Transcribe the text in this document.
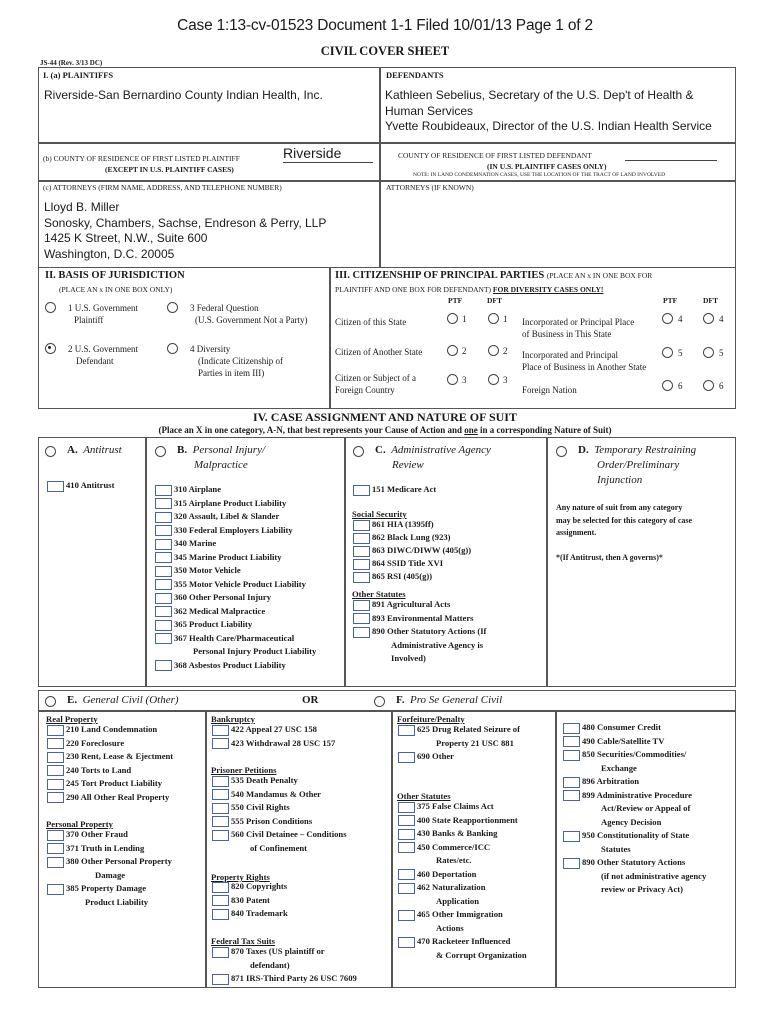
Case 1:13-cv-01523 Document 1-1 Filed 10/01/13 Page 1 of 2
CIVIL COVER SHEET
JS-44 (Rev. 3/13 DC)
I. (a) PLAINTIFFS
Riverside-San Bernardino County Indian Health, Inc.
DEFENDANTS
Kathleen Sebelius, Secretary of the U.S. Dep't of Health &
Human Services
Yvette Roubideaux, Director of the U.S. Indian Health Service
(b) COUNTY OF RESIDENCE OF FIRST LISTED PLAINTIFF	Riverside
(EXCEPT IN U.S. PLAINTIFF CASES)
COUNTY OF RESIDENCE OF FIRST LISTED DEFENDANT
(IN U.S. PLAINTIFF CASES ONLY)
NOTE: IN LAND CONDEMNATION CASES, USE THE LOCATION OF THE TRACT OF LAND INVOLVED
(c) ATTORNEYS (FIRM NAME, ADDRESS, AND TELEPHONE NUMBER)
Lloyd B. Miller
Sonosky, Chambers, Sachse, Endreson & Perry, LLP
1425 K Street, N.W., Suite 600
Washington, D.C. 20005
ATTORNEYS (IF KNOWN)
II. BASIS OF JURISDICTION
(PLACE AN x IN ONE BOX ONLY)
1 U.S. Government
Plaintiff
3 Federal Question
(U.S. Government Not a Party)
2 U.S. Government
Defendant
4 Diversity
(Indicate Citizenship of
Parties in item III)
III. CITIZENSHIP OF PRINCIPAL PARTIES (PLACE AN x IN ONE BOX FOR
PLAINTIFF AND ONE BOX FOR DEFENDANT) FOR DIVERSITY CASES ONLY!
PTF	DFT	PTF	DFT
Citizen of this State	1	1
Citizen of Another State	2	2
Citizen or Subject of a
Foreign Country
3	3
Incorporated or Principal Place
of Business in This State
4	4
Incorporated and Principal
Place of Business in Another State
5	5
Foreign Nation	6	6
IV. CASE ASSIGNMENT AND NATURE OF SUIT
(Place an X in one category, A-N, that best represents your Cause of Action and one in a corresponding Nature of Suit)
A. Antitrust
410 Antitrust
B. Personal Injury/
Malpractice
310 Airplane
315 Airplane Product Liability
320 Assault, Libel & Slander
330 Federal Employers Liability
340 Marine
345 Marine Product Liability
350 Motor Vehicle
355 Motor Vehicle Product Liability
360 Other Personal Injury
362 Medical Malpractice
365 Product Liability
367 Health Care/Pharmaceutical
Personal Injury Product Liability
368 Asbestos Product Liability
C. Administrative Agency
Review
151 Medicare Act
Social Security
861 HIA (1395ff)
862 Black Lung (923)
863 DIWC/DIWW (405(g))
864 SSID Title XVI
865 RSI (405(g))
Other Statutes
891 Agricultural Acts
893 Environmental Matters
890 Other Statutory Actions (If
Administrative Agency is
Involved)
D. Temporary Restraining
Order/Preliminary
Injunction
Any nature of suit from any category
may be selected for this category of case
assignment.
*(If Antitrust, then A governs)*
E. General Civil (Other)	OR	F. Pro Se General Civil
Real Property
210 Land Condemnation
220 Foreclosure
230 Rent, Lease & Ejectment
240 Torts to Land
245 Tort Product Liability
290 All Other Real Property
Personal Property
370 Other Fraud
371 Truth in Lending
380 Other Personal Property
Damage
385 Property Damage
Product Liability
Bankruptcy
422 Appeal 27 USC 158
423 Withdrawal 28 USC 157
Prisoner Petitions
535 Death Penalty
540 Mandamus & Other
550 Civil Rights
555 Prison Conditions
560 Civil Detainee – Conditions
of Confinement
Property Rights
820 Copyrights
830 Patent
840 Trademark
Federal Tax Suits
870 Taxes (US plaintiff or
defendant)
871 IRS-Third Party 26 USC 7609
Forfeiture/Penalty
625 Drug Related Seizure of
Property 21 USC 881
690 Other
Other Statutes
375 False Claims Act
400 State Reapportionment
430 Banks & Banking
450 Commerce/ICC
Rates/etc.
460 Deportation
462 Naturalization
Application
465 Other Immigration
Actions
470 Racketeer Influenced
& Corrupt Organization
480 Consumer Credit
490 Cable/Satellite TV
850 Securities/Commodities/
Exchange
896 Arbitration
899 Administrative Procedure
Act/Review or Appeal of
Agency Decision
950 Constitutionality of State
Statutes
890 Other Statutory Actions
(if not administrative agency
review or Privacy Act)
